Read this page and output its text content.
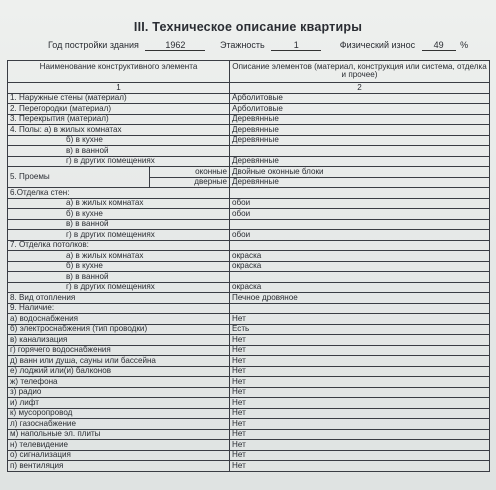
III. Техническое описание квартиры
Год постройки здания	1962	Этажность	1	Физический износ 49 %
Наименование конструктивного элемента		Описание элементов (материал, конструкция или система, отделка и прочее)
1		2
1. Наружные стены (материал)		Арболитовые
2. Перегородки (материал)		Арболитовые
3. Перекрытия (материал)		Деревянные
4. Полы: а) в жилых комнатах		Деревянные
б) в кухне		Деревянные
в) в ванной		
г) в других помещениях		Деревянные
5. Проемы	оконные	Двойные оконные блоки
	дверные	Деревянные
6.Отделка стен:		
а) в жилых комнатах		обои
б) в кухне		обои
в) в ванной		
г) в других помещениях		обои
7. Отделка потолков:		
а) в жилых комнатах		окраска
б) в кухне		окраска
в) в ванной		
г) в других помещениях		окраска
8. Вид отопления		Печное дровяное
9. Наличие:		
а) водоснабжения		Нет
б) электроснабжения (тип проводки)		Есть
в) канализация		Нет
г) горячего водоснабжения		Нет
д) ванн или душа, сауны или бассейна		Нет
е) лоджий или(и) балконов		Нет
ж) телефона		Нет
з) радио		Нет
и) лифт		Нет
к) мусоропровод		Нет
л) газоснабжение		Нет
м) напольные эл. плиты		Нет
н) телевидение		Нет
о) сигнализация		Нет
п) вентиляция		Нет
